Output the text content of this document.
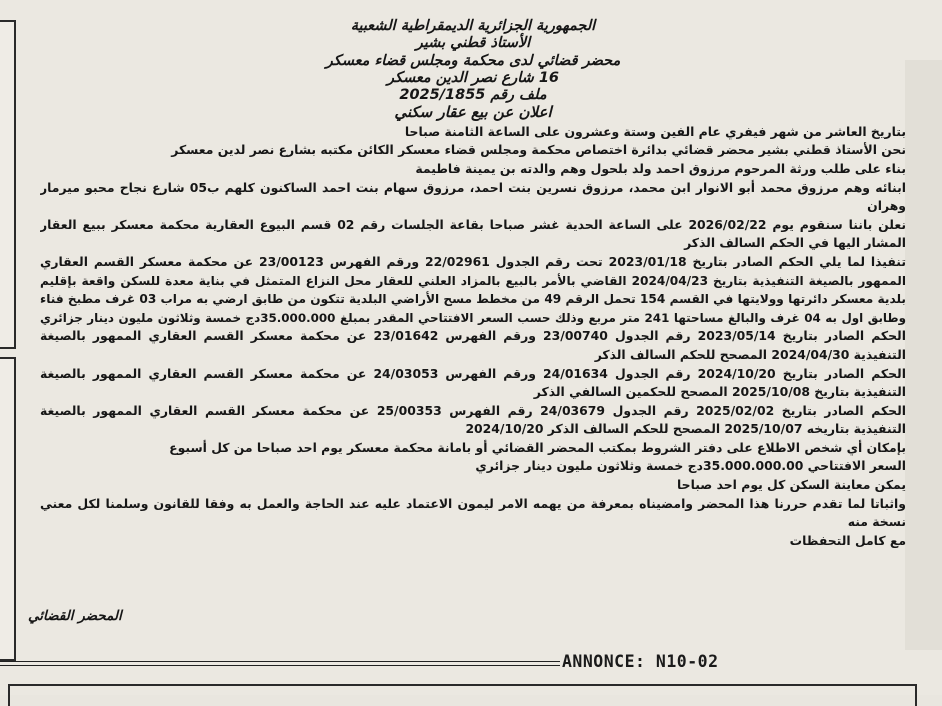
الجمهورية الجزائرية الديمقراطية الشعبية

الأستاذ قطني بشير

محضر قضائي لدى محكمة ومجلس قضاء معسكر

16 شارع نصر الدين معسكر

ملف رقم 2025/1855

اعلان عن بيع عقار سكني

بتاريخ العاشر من شهر فيفري عام الفين وستة وعشرون على الساعة الثامنة صباحا

نحن الأستاذ قطني بشير محضر قضائي بدائرة اختصاص محكمة ومجلس قضاء معسكر الكائن مكتبه بشارع نصر لدين معسكر

بناء على طلب ورثة المرحوم مرزوق احمد ولد بلحول وهم والدته بن يمينة فاطيمة

ابنائه وهم مرزوق محمد أبو الانوار ابن محمد، مرزوق نسرين بنت احمد، مرزوق سهام بنت احمد الساكنون كلهم ب05 شارع نجاح محبو ميرمار

وهران

نعلن باننا سنقوم يوم 2026/02/22 على الساعة الحدية غشر صباحا بقاعة الجلسات رقم 02 قسم البيوع العقارية محكمة معسكر ببيع العقار

المشار اليها في الحكم السالف الذكر

تنفيذا لما يلي الحكم الصادر بتاريخ 2023/01/18 تحت رقم الجدول 22/02961 ورقم الفهرس 23/00123 عن محكمة معسكر القسم العقاري

الممهور بالصيغة التنفيذية بتاريخ 2024/04/23 القاضي بالأمر بالبيع بالمزاد العلني للعقار محل النزاع المتمثل في بناية معدة للسكن واقعة بإقليم

بلدية معسكر دائرتها وولايتها في القسم 154 تحمل الرقم 49 من مخطط مسح الأراضي البلدية تتكون من طابق ارضي به مراب 03 غرف مطبخ فناء

وطابق اول به 04 غرف والبالغ مساحتها 241 متر مربع وذلك حسب السعر الافتتاحي المقدر بمبلغ 35.000.000دج خمسة وثلاثون مليون دينار جزائري

الحكم الصادر بتاريخ 2023/05/14 رقم الجدول 23/00740 ورقم الفهرس 23/01642 عن محكمة معسكر القسم العقاري الممهور بالصيغة

التنفيذية 2024/04/30 المصحح للحكم السالف الذكر

الحكم الصادر بتاريخ 2024/10/20 رقم الجدول 24/01634 ورقم الفهرس 24/03053 عن محكمة معسكر القسم العقاري الممهور بالصيغة

التنفيذية بتاريخ 2025/10/08 المصحح للحكمين السالفي الذكر

الحكم الصادر بتاريخ 2025/02/02 رقم الجدول 24/03679 رقم الفهرس 25/00353 عن محكمة معسكر القسم العقاري الممهور بالصيغة

التنفيذية بتاريخه 2025/10/07 المصحح للحكم السالف الذكر 2024/10/20

بإمكان أي شخص الاطلاع على دفتر الشروط بمكتب المحضر القضائي أو بامانة محكمة معسكر يوم احد صباحا من كل أسبوع

السعر الافتتاحي 35.000.000.00دج خمسة وثلاثون مليون دينار جزائري

يمكن معاينة السكن كل يوم احد صباحا

واثباتا لما تقدم حررنا هذا المحضر وامضيناه بمعرفة من يهمه الامر ليمون الاعتماد عليه عند الحاجة والعمل به وفقا للقانون وسلمنا لكل معني

نسخة منه

مع كامل التحفظات

المحضر القضائي
ANNONCE: N10-02
